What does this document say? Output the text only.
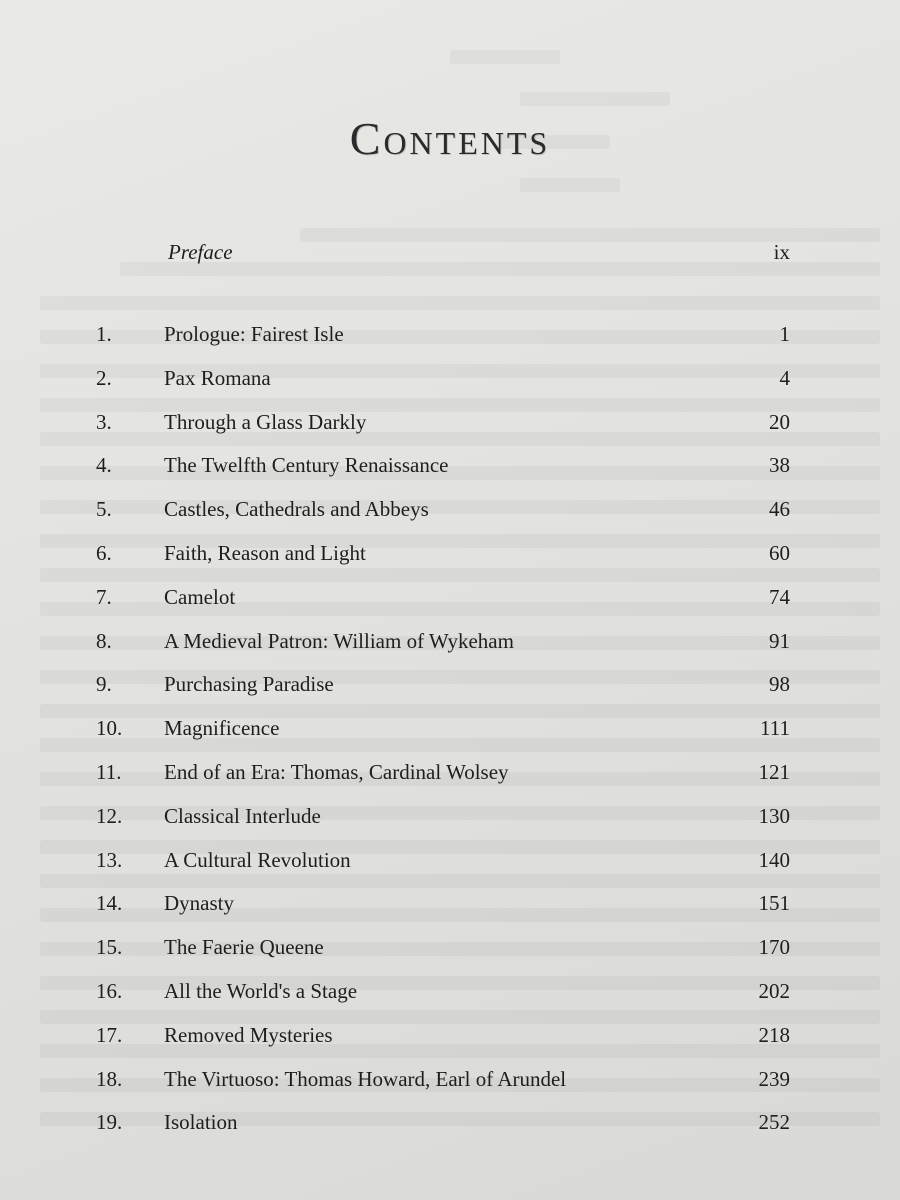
Contents
Preface	ix
1.	Prologue: Fairest Isle	1
2.	Pax Romana	4
3.	Through a Glass Darkly	20
4.	The Twelfth Century Renaissance	38
5.	Castles, Cathedrals and Abbeys	46
6.	Faith, Reason and Light	60
7.	Camelot	74
8.	A Medieval Patron: William of Wykeham	91
9.	Purchasing Paradise	98
10.	Magnificence	111
11.	End of an Era: Thomas, Cardinal Wolsey	121
12.	Classical Interlude	130
13.	A Cultural Revolution	140
14.	Dynasty	151
15.	The Faerie Queene	170
16.	All the World's a Stage	202
17.	Removed Mysteries	218
18.	The Virtuoso: Thomas Howard, Earl of Arundel	239
19.	Isolation	252
